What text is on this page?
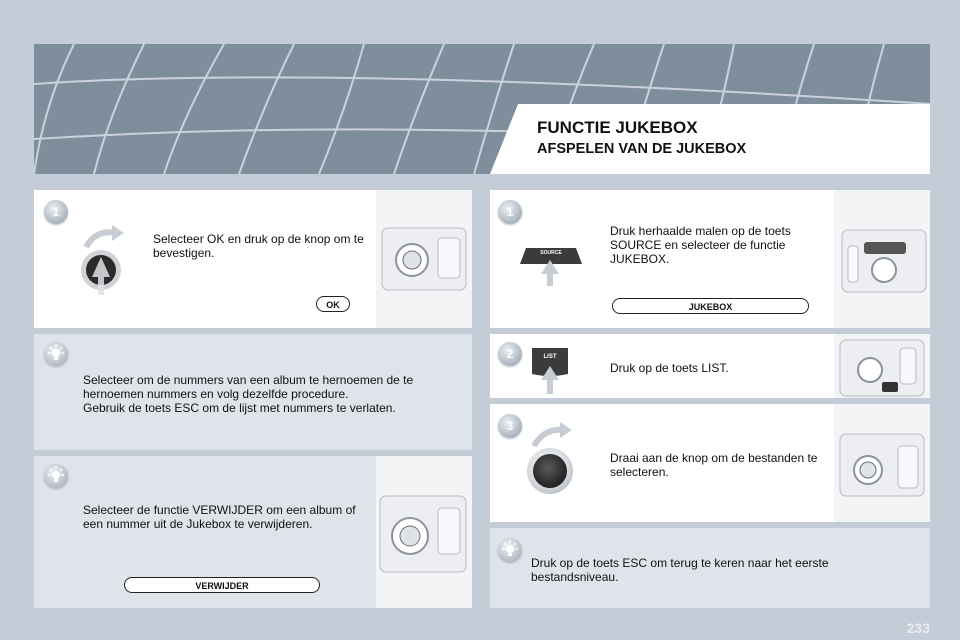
FUNCTIE JUKEBOX
AFSPELEN VAN DE JUKEBOX
1
Selecteer OK en druk op de knop om te bevestigen.
OK
Selecteer om de nummers van een album te hernoemen de te hernoemen nummers en volg dezelfde procedure.
Gebruik de toets ESC om de lijst met nummers te verlaten.
Selecteer de functie VERWIJDER om een album of een nummer uit de Jukebox te verwijderen.
VERWIJDER
1
SOURCE
Druk herhaalde malen op de toets SOURCE en selecteer de functie JUKEBOX.
JUKEBOX
2	LIST
Druk op de toets LIST.
3
Draai aan de knop om de bestanden te selecteren.
Druk op de toets ESC om terug te keren naar het eerste bestandsniveau.
233
